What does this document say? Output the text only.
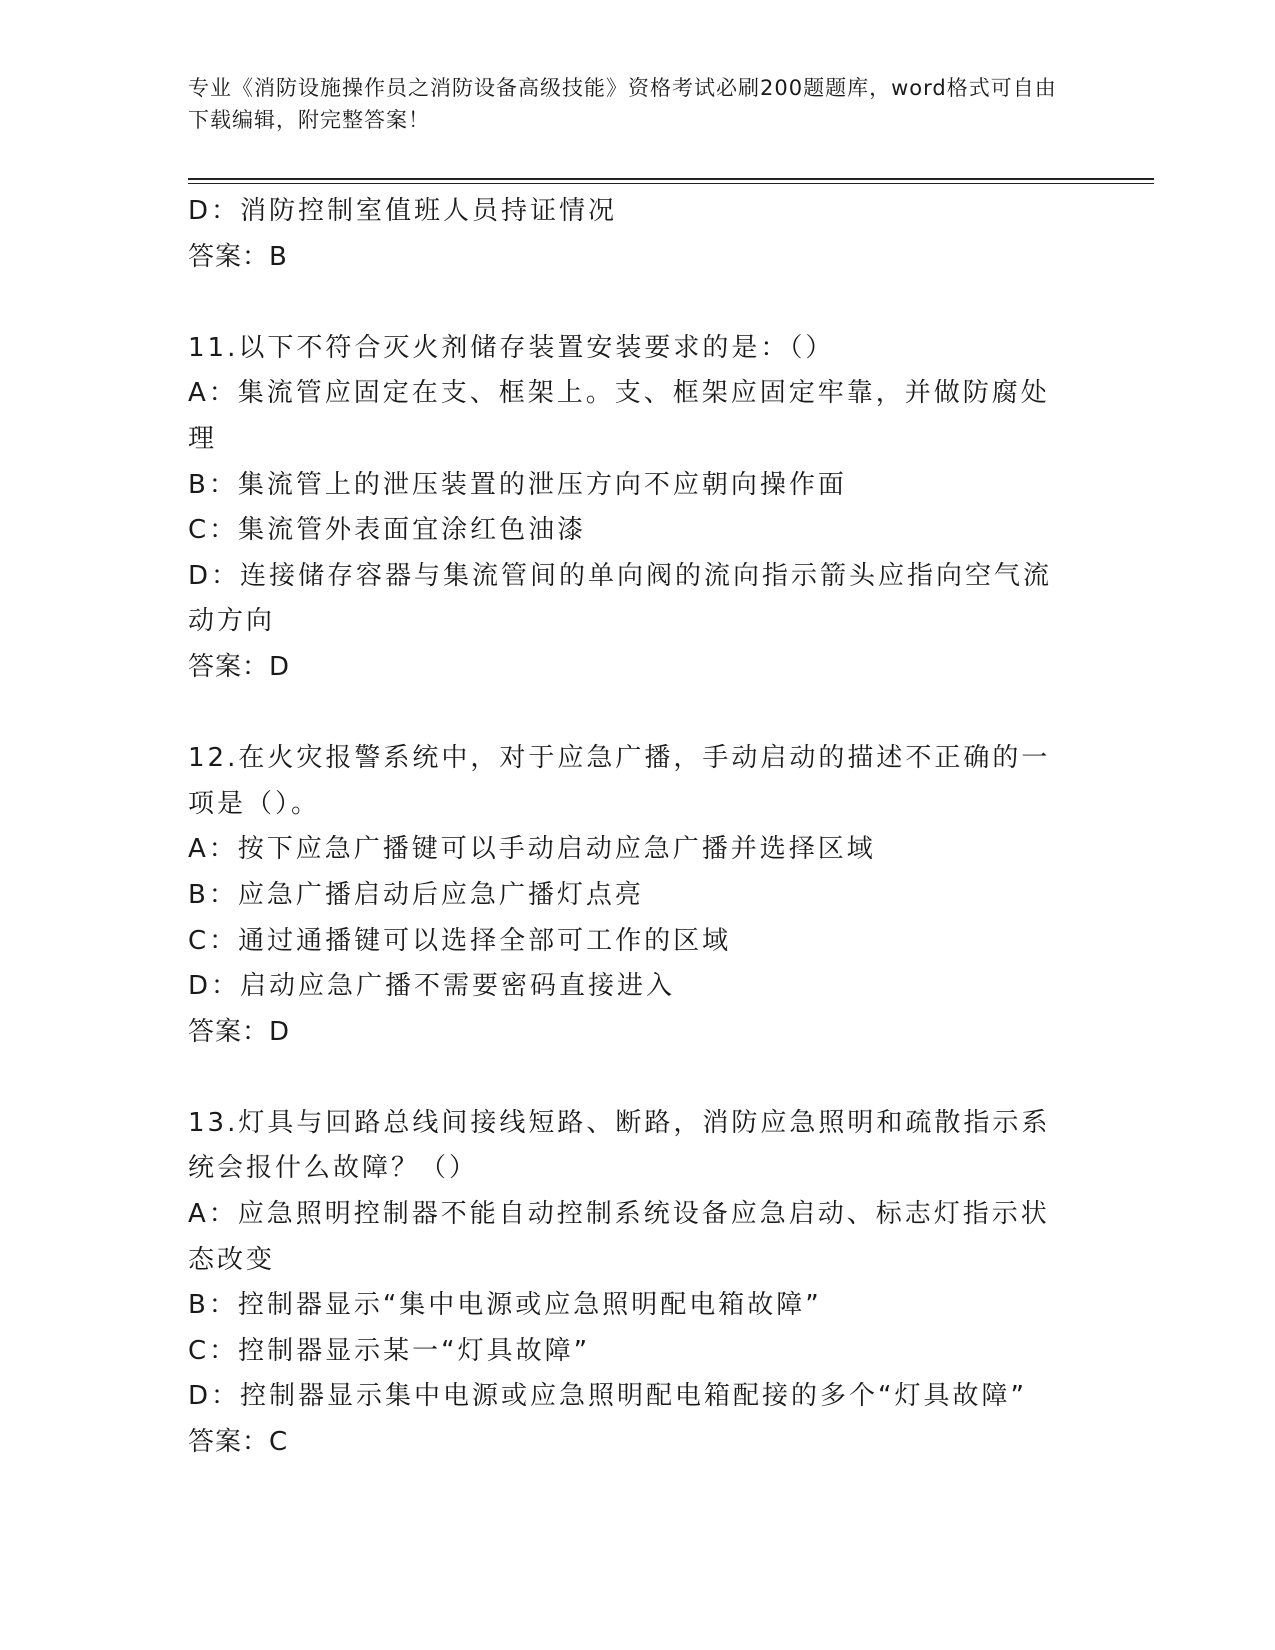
专业《消防设施操作员之消防设备高级技能》资格考试必刷200题题库，word格式可自由下载编辑，附完整答案！
D：消防控制室值班人员持证情况
答案：B
11.以下不符合灭火剂储存装置安装要求的是：（）
A：集流管应固定在支、框架上。支、框架应固定牢靠，并做防腐处理
B：集流管上的泄压装置的泄压方向不应朝向操作面
C：集流管外表面宜涂红色油漆
D：连接储存容器与集流管间的单向阀的流向指示箭头应指向空气流动方向
答案：D
12.在火灾报警系统中，对于应急广播，手动启动的描述不正确的一项是（）。
A：按下应急广播键可以手动启动应急广播并选择区域
B：应急广播启动后应急广播灯点亮
C：通过通播键可以选择全部可工作的区域
D：启动应急广播不需要密码直接进入
答案：D
13.灯具与回路总线间接线短路、断路，消防应急照明和疏散指示系统会报什么故障？（）
A：应急照明控制器不能自动控制系统设备应急启动、标志灯指示状态改变
B：控制器显示“集中电源或应急照明配电箱故障”
C：控制器显示某一“灯具故障”
D：控制器显示集中电源或应急照明配电箱配接的多个“灯具故障”
答案：C
